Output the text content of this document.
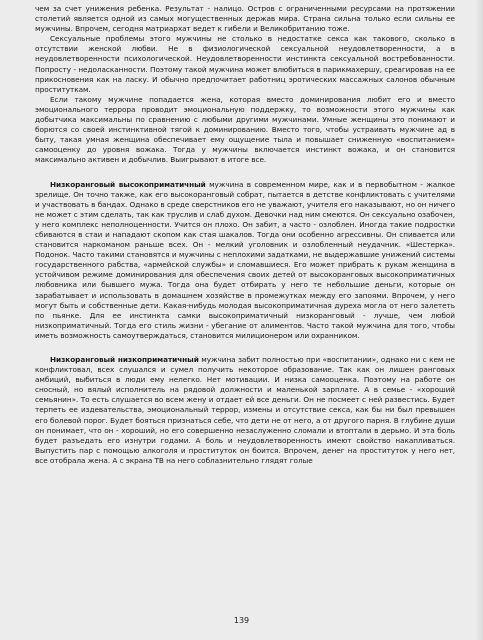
чем за счет унижения ребенка. Результат - налицо. Остров с ограниченными ресурсами на протяжении столетий является одной из самых могущественных держав мира. Страна сильна только если сильны ее мужчины. Впрочем, сегодня матриархат ведет к гибели и Великобританию тоже.

Сексуальные проблемы этого мужчины не столько в недостатке секса как такового, сколько в отсутствии женской любви. Не в физиологической сексуальной неудовлетворенности, а в неудовлетворенности психологической. Неудовлетворенности инстинкта сексуальной востребованности. Попросту - недоласканности. Поэтому такой мужчина может влюбиться в парикмахершу, среагировав на ее прикосновения как на ласку. И обычно предпочитает работниц эротических массажных салонов обычным проституткам.

Если такому мужчине попадается жена, которая вместо доминирования любит его и вместо эмоционального террора проводит эмоциональную поддержку, то возможности этого мужчины как добытчика максимальны по сравнению с любыми другими мужчинами. Умные женщины это понимают и борются со своей инстинктивной тягой к доминированию. Вместо того, чтобы устраивать мужчине ад в быту, такая умная женщина обеспечивает ему ощущение тыла и повышает сниженную «воспитанием» самооценку до уровня вожака. Тогда у мужчины включается инстинкт вожака, и он становится максимально активен и добычлив. Выигрывают в итоге все.

Низкоранговый высокоприматичный мужчина в современном мире, как и в первобытном - жалкое зрелище. Он точно также, как его высокоранговый собрат, пытается в детстве конфликтовать с учителями и участвовать в бандах. Однако в среде сверстников его не уважают, учителя его наказывают, но он ничего не может с этим сделать, так как труслив и слаб духом. Девочки над ним смеются. Он сексуально озабочен, у него комплекс неполноценности. Учится он плохо. Он забит, а часто - озлоблен. Иногда такие подростки сбиваются в стаи и нападают скопом как стая шакалов. Тогда они особенно агрессивны. Он спивается или становится наркоманом раньше всех. Он - мелкий уголовник и озлобленный неудачник. «Шестерка». Подонок. Часто такими становятся и мужчины с неплохими задатками, не выдержавшие унижений системы государственного рабства, «армейской службы» и сломавшиеся. Его может прибрать к рукам женщина в устойчивом режиме доминирования для обеспечения своих детей от высокоранговых высокоприматичных любовника или бывшего мужа. Тогда она будет отбирать у него те небольшие деньги, которые он зарабатывает и использовать в домашнем хозяйстве в промежутках между его запоями. Впрочем, у него могут быть и собственные дети. Какая-нибудь молодая высокоприматичная дуреха могла от него залететь по пьянке. Для ее инстинкта самки высокоприматичный низкоранговый - лучше, чем любой низкоприматичный. Тогда его стиль жизни - убегание от алиментов. Часто такой мужчина для того, чтобы иметь возможность самоутверждаться, становится милиционером или охранником.

Низкоранговый низкоприматичный мужчина забит полностью при «воспитании», однако ни с кем не конфликтовал, всех слушался и сумел получить некоторое образование. Так как он лишен ранговых амбиций, выбиться в люди ему нелегко. Нет мотивации. И низка самооценка. Поэтому на работе он сносный, но вялый исполнитель на рядовой должности и маленькой зарплате. А в семье - «хороший семьянин». То есть слушается во всем жену и отдает ей все деньги. Он не посмеет с ней развестись. Будет терпеть ее издевательства, эмоциональный террор, измены и отсутствие секса, как бы ни был превышен его болевой порог. Будет бояться признаться себе, что дети не от него, а от другого парня. В глубине души он понимает, что он - хороший, но его совершенно незаслуженно сломали и втоптали в дерьмо. И эта боль будет разъедать его изнутри годами. А боль и неудовлетворенность имеют свойство накапливаться. Выпустить пар с помощью алкоголя и проституток он боится. Впрочем, денег на проституток у него нет, все отобрала жена. А с экрана ТВ на него соблазнительно глядят голые

139
